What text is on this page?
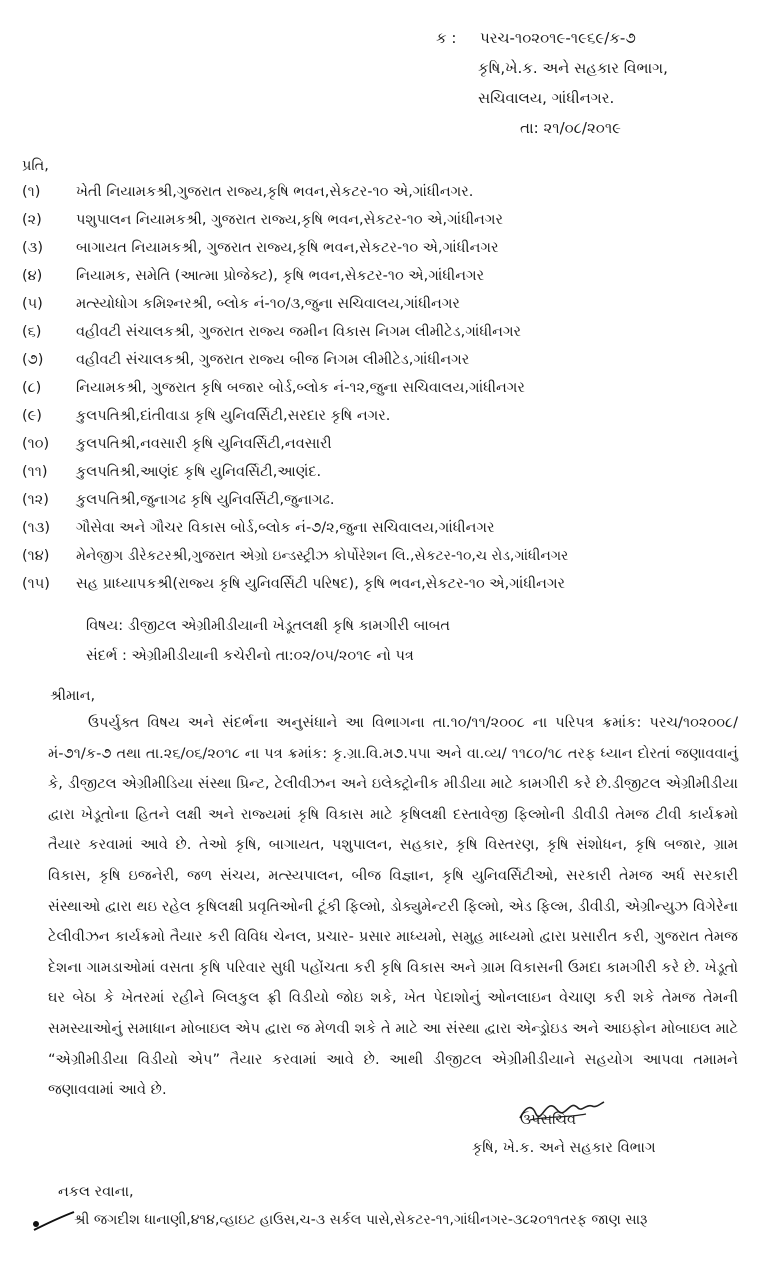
ક : પરચ-૧૦૨૦૧૯-૧૯૬૯/ક-૭
કૃષિ,ખે.ક. અને સહકાર વિભાગ,
સચિવાલય, ગાંધીનગર.
તા: ૨૧/૦૮/૨૦૧૯
પ્રતિ,
(૧) ખેતી નિયામકશ્રી,ગુજરાત રાજ્ય,કૃષિ ભવન,સેકટર-૧૦ એ,ગાંધીનગર.
(૨) પશુપાલન નિયામકશ્રી, ગુજરાત રાજ્ય,કૃષિ ભવન,સેકટર-૧૦ એ,ગાંધીનગર
(૩) બાગાયત નિયામકશ્રી, ગુજરાત રાજ્ય,કૃષિ ભવન,સેકટર-૧૦ એ,ગાંધીનગર
(૪) નિયામક, સમેતિ (આત્મા પ્રોજેક્ટ), કૃષિ ભવન,સેકટર-૧૦ એ,ગાંધીનગર
(૫) મત્સ્યોધોગ કમિશ્નરશ્રી, બ્લોક નં-૧૦/૩,જુના સચિવાલય,ગાંધીનગર
(૬) વહીવટી સંચાલકશ્રી, ગુજરાત રાજ્ય જમીન વિકાસ નિગમ લીમીટેડ,ગાંધીનગર
(૭) વહીવટી સંચાલકશ્રી, ગુજરાત રાજ્ય બીજ નિગમ લીમીટેડ,ગાંધીનગર
(૮) નિયામકશ્રી, ગુજરાત કૃષિ બજાર બોર્ડ,બ્લોક નં-૧૨,જુના સચિવાલય,ગાંધીનગર
(૯) કુલપતિશ્રી,દાંતીવાડા કૃષિ યુનિવર્સિટી,સરદાર કૃષિ નગર.
(૧૦) કુલપતિશ્રી,નવસારી કૃષિ યુનિવર્સિટી,નવસારી
(૧૧) કુલપતિશ્રી,આણંદ કૃષિ યુનિવર્સિટી,આણંદ.
(૧૨) કુલપતિશ્રી,જુનાગઢ કૃષિ યુનિવર્સિટી,જુનાગઢ.
(૧૩) ગૌસેવા અને ગૌચર વિકાસ બોર્ડ,બ્લોક નં-૭/૨,જુના સચિવાલય,ગાંધીનગર
(૧૪) મેનેજીગ ડીરેકટરશ્રી,ગુજરાત એગ્રો ઇન્ડસ્ટ્રીઝ કોર્પોરેશન લિ.,સેકટર-૧૦,ચ રોડ,ગાંધીનગર
(૧૫) સહ પ્રાધ્યાપકશ્રી(રાજ્ય કૃષિ યુનિવર્સિટી પરિષદ), કૃષિ ભવન,સેકટર-૧૦ એ,ગાંધીનગર
વિષય: ડીજીટલ એગ્રીમીડીયાની ખેડૂતલક્ષી કૃષિ કામગીરી બાબત
સંદર્ભ : એગ્રીમીડીયાની કચેરીનો તા:૦૨/૦૫/૨૦૧૯ નો પત્ર
શ્રીમાન,
ઉપર્યુક્ત વિષય અને સંદર્ભના અનુસંધાને આ વિભાગના તા.૧૦/૧૧/૨૦૦૮ ના પરિપત્ર ક્રમાંક: પરચ/૧૦૨૦૦૮/મં-૭૧/ક-૭ તથા તા.૨૬/૦૬/૨૦૧૮ ના પત્ર ક્રમાંક: કૃ.ગ્રા.વિ.મ૭.પ૫ા અને વા.વ્ય/ ૧૧૮૦/૧૮ તરફ ધ્યાન દોરતાં જણાવવાનું કે, ડીજીટલ એગ્રીમીડિયા સંસ્થા પ્રિન્ટ, ટેલીવીઝન અને ઇલેક્ટ્રોનીક મીડીયા માટે કામગીરી કરે છે.ડીજીટલ એગ્રીમીડીયા દ્વારા ખેડૂતોના હિતને લક્ષી અને રાજ્યમાં કૃષિ વિકાસ માટે કૃષિલક્ષી દસ્તાવેજી ફિલ્મોની ડીવીડી તેમજ ટીવી કાર્યક્રમો તૈયાર કરવામાં આવે છે. તેઓ કૃષિ, બાગાયત, પશુપાલન, સહકાર, કૃષિ વિસ્તરણ, કૃષિ સંશોધન, કૃષિ બજાર, ગ્રામ વિકાસ, કૃષિ ઇજનેરી, જળ સંચય, મત્સ્યપાલન, બીજ વિજ્ઞાન, કૃષિ યુનિવર્સિટીઓ, સરકારી તેમજ અર્ધ સરકારી સંસ્થાઓ દ્વારા થઇ રહેલ કૃષિલક્ષી પ્રવૃતિઓની ટૂંકી ફિલ્મો, ડોક્યુમેન્ટરી ફિલ્મો, એડ ફિલ્મ, ડીવીડી, એગ્રીન્યુઝ વિગેરેના ટેલીવીઝન કાર્યક્રમો તૈયાર કરી વિવિધ ચેનલ, પ્રચાર- પ્રસાર માધ્યમો, સમુહ માધ્યમો દ્વારા પ્રસારીત કરી, ગુજરાત તેમજ દેશના ગામડાઓમાં વસતા કૃષિ પરિવાર સુધી પહોંચતા કરી કૃષિ વિકાસ અને ગ્રામ વિકાસની ઉમદા કામગીરી કરે છે. ખેડૂતો ઘર બેઠા કે ખેતરમાં રહીને બિલકુલ ફ્રી વિડીયો જોઇ શકે, ખેત પેદાશોનું ઓનલાઇન વેચાણ કરી શકે તેમજ તેમની સમસ્યાઓનું સમાધાન મોબાઇલ એપ દ્વારા જ મેળવી શકે તે માટે આ સંસ્થા દ્વારા એન્ડ્રોઇડ અને આઇફોન મોબાઇલ માટે “એગ્રીમીડીયા વિડીયો એપ” તૈયાર કરવામાં આવે છે. આથી ડીજીટલ એગ્રીમીડીયાને સહયોગ આપવા તમામને જણાવવામાં આવે છે.
ઉપસચિવ
કૃષિ, ખે.ક. અને સહકાર વિભાગ
નકલ રવાના,
શ્રી જગદીશ ધાનાણી,૪૧૪,વ્હાઇટ હાઉસ,ચ-૩ સર્કલ પાસે,સેકટર-૧૧,ગાંધીનગર-૩૮૨૦૧૧તરફ જાણ સારૂ
